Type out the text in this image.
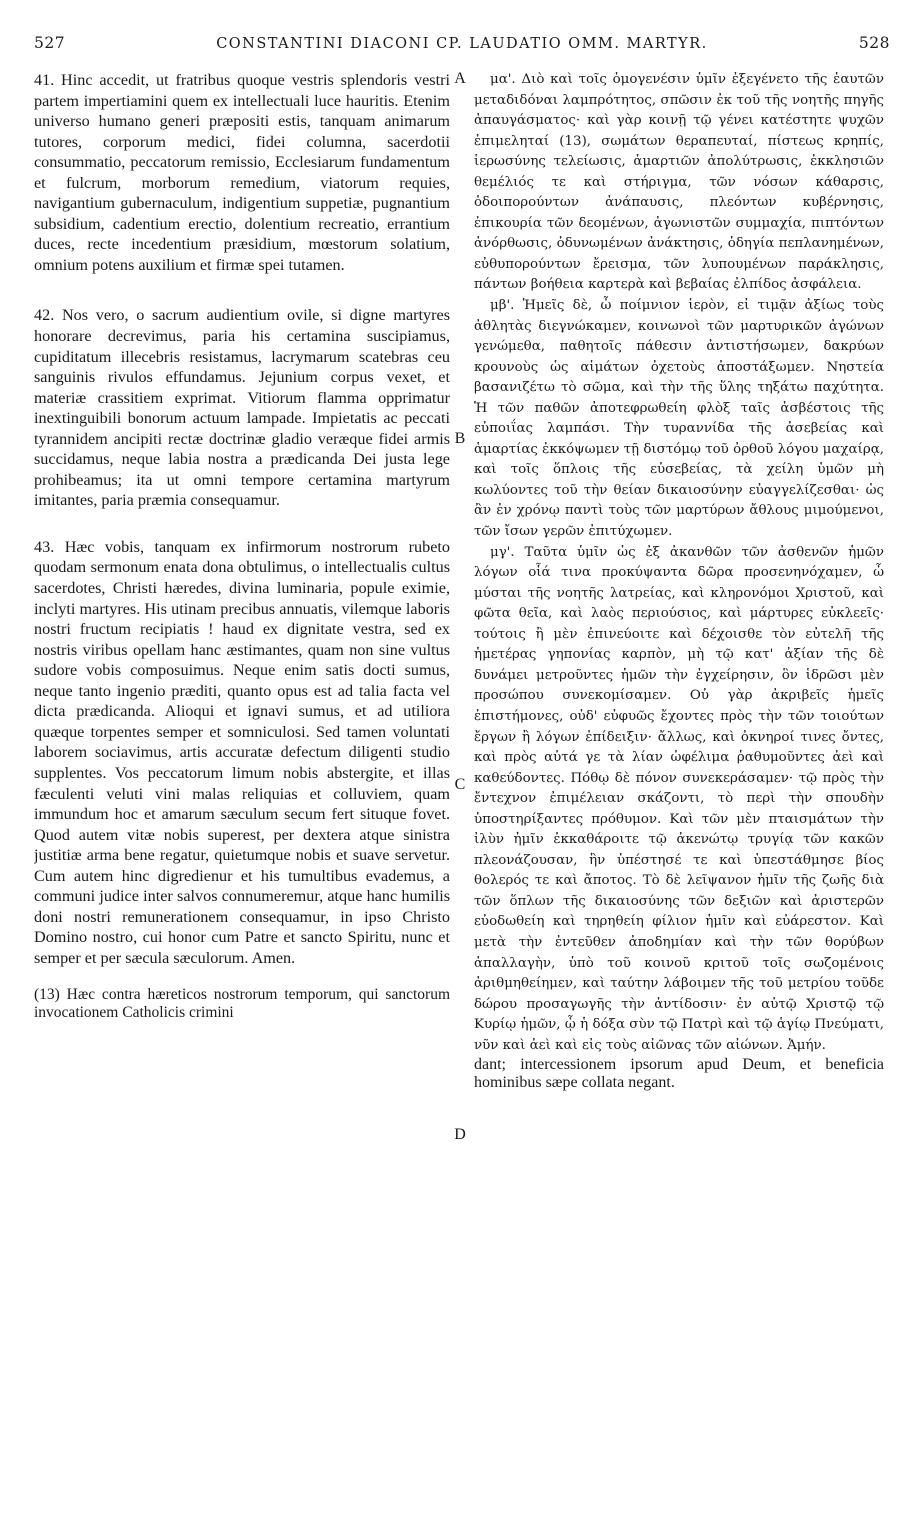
527	CONSTANTINI DIACONI CP. LAUDATIO OMM. MARTYR.	528

41. Hinc accedit, ut fratribus quoque vestris splendoris vestri partem impertiamini quem ex intellectuali luce hauritis. Etenim universo humano generi præpositi estis, tanquam animarum tutores, corporum medici, fidei columna, sacerdotii consummatio, peccatorum remissio, Ecclesiarum fundamentum et fulcrum, morborum remedium, viatorum requies, navigantium gubernaculum, indigentium suppetiæ, pugnantium subsidium, cadentium erectio, dolentium recreatio, errantium duces, recte incedentium præsidium, mœstorum solatium, omnium potens auxilium et firmæ spei tutamen.

42. Nos vero, o sacrum audientium ovile, si digne martyres honorare decrevimus, paria his certamina suscipiamus, cupiditatum illecebris resistamus, lacrymarum scatebras ceu sanguinis rivulos effundamus. Jejunium corpus vexet, et materiæ crassitiem exprimat. Vitiorum flamma opprimatur inextinguibili bonorum actuum lampade. Impietatis ac peccati tyrannidem ancipiti rectæ doctrinæ gladio veræque fidei armis succidamus, neque labia nostra a prædicanda Dei justa lege prohibeamus; ita ut omni tempore certamina martyrum imitantes, paria præmia consequamur.

43. Hæc vobis, tanquam ex infirmorum nostrorum rubeto quodam sermonum enata dona obtulimus, o intellectualis cultus sacerdotes, Christi hæredes, divina luminaria, popule eximie, inclyti martyres. His utinam precibus annuatis, vilemque laboris nostri fructum recipiatis ! haud ex dignitate vestra, sed ex nostris viribus opellam hanc æstimantes, quam non sine vultus sudore vobis composuimus. Neque enim satis docti sumus, neque tanto ingenio præditi, quanto opus est ad talia facta vel dicta prædicanda. Alioqui et ignavi sumus, et ad utiliora quæque torpentes semper et somniculosi. Sed tamen voluntati laborem sociavimus, artis accuratæ defectum diligenti studio supplentes. Vos peccatorum limum nobis abstergite, et illas fæculenti veluti vini malas reliquias et colluviem, quam immundum hoc et amarum sæculum secum fert situque fovet. Quod autem vitæ nobis superest, per dextera atque sinistra justitiæ arma bene regatur, quietumque nobis et suave servetur. Cum autem hinc digredienur et his tumultibus evademus, a communi judice inter salvos connumeremur, atque hanc humilis doni nostri remunerationem consequamur, in ipso Christo Domino nostro, cui honor cum Patre et sancto Spiritu, nunc et semper et per sæcula sæculorum. Amen.

(13) Hæc contra hæreticos nostrorum temporum, qui sanctorum invocationem Catholicis crimini

A
B
C
D

μα'. Διὸ καὶ τοῖς ὁμογενέσιν ὑμῖν ἐξεγένετο τῆς ἑαυτῶν μεταδιδόναι λαμπρότητος, σπῶσιν ἐκ τοῦ τῆς νοητῆς πηγῆς ἀπαυγάσματος· καὶ γὰρ κοινῇ τῷ γένει κατέστητε ψυχῶν ἐπιμεληταί (13), σωμάτων θεραπευταί, πίστεως κρηπίς, ἱερωσύνης τελείωσις, ἁμαρτιῶν ἀπολύτρωσις, ἐκκλησιῶν θεμέλιός τε καὶ στήριγμα, τῶν νόσων κάθαρσις, ὁδοιπορούντων ἀνάπαυσις, πλεόντων κυβέρνησις, ἐπικουρία τῶν δεομένων, ἀγωνιστῶν συμμαχία, πιπτόντων ἀνόρθωσις, ὀδυνωμένων ἀνάκτησις, ὁδηγία πεπλανημένων, εὐθυπορούντων ἔρεισμα, τῶν λυπουμένων παράκλησις, πάντων βοήθεια καρτερὰ καὶ βεβαίας ἐλπίδος ἀσφάλεια.

μβ'. Ἡμεῖς δὲ, ὦ ποίμνιον ἱερὸν, εἰ τιμᾷν ἀξίως τοὺς ἀθλητὰς διεγνώκαμεν, κοινωνοὶ τῶν μαρτυρικῶν ἀγώνων γενώμεθα, παθητοῖς πάθεσιν ἀντιστήσωμεν, δακρύων κρουνοὺς ὡς αἱμάτων ὀχετοὺς ἀποστάξωμεν. Νηστεία βασανιζέτω τὸ σῶμα, καὶ τὴν τῆς ὕλης τηξάτω παχύτητα. Ἡ τῶν παθῶν ἀποτεφρωθείη φλὸξ ταῖς ἀσβέστοις τῆς εὐποιΐας λαμπάσι. Τὴν τυραννίδα τῆς ἀσεβείας καὶ ἁμαρτίας ἐκκόψωμεν τῇ διστόμῳ τοῦ ὀρθοῦ λόγου μαχαίρᾳ, καὶ τοῖς ὅπλοις τῆς εὐσεβείας, τὰ χείλη ὑμῶν μὴ κωλύοντες τοῦ τὴν θείαν δικαιοσύνην εὐαγγελίζεσθαι· ὡς ἂν ἐν χρόνῳ παντὶ τοὺς τῶν μαρτύρων ἄθλους μιμούμενοι, τῶν ἴσων γερῶν ἐπιτύχωμεν.

μγ'. Ταῦτα ὑμῖν ὡς ἐξ ἀκανθῶν τῶν ἀσθενῶν ἡμῶν λόγων οἷά τινα προκύψαντα δῶρα προσενηνόχαμεν, ὦ μύσται τῆς νοητῆς λατρείας, καὶ κληρονόμοι Χριστοῦ, καὶ φῶτα θεῖα, καὶ λαὸς περιούσιος, καὶ μάρτυρες εὐκλεεῖς· τούτοις ἢ μὲν ἐπινεύοιτε καὶ δέχοισθε τὸν εὐτελῆ τῆς ἡμετέρας γηπονίας καρπὸν, μὴ τῷ κατ' ἀξίαν τῆς δὲ δυνάμει μετροῦντες ἡμῶν τὴν ἐγχείρησιν, ὃν ἱδρῶσι μὲν προσώπου συνεκομίσαμεν. Οὐ γὰρ ἀκριβεῖς ἡμεῖς ἐπιστήμονες, οὐδ' εὐφυῶς ἔχοντες πρὸς τὴν τῶν τοιούτων ἔργων ἢ λόγων ἐπίδειξιν· ἄλλως, καὶ ὀκνηροί τινες ὄντες, καὶ πρὸς αὐτά γε τὰ λίαν ὠφέλιμα ῥαθυμοῦντες ἀεὶ καὶ καθεύδοντες. Πόθῳ δὲ πόνον συνεκεράσαμεν· τῷ πρὸς τὴν ἔντεχνον ἐπιμέλειαν σκάζοντι, τὸ περὶ τὴν σπουδὴν ὑποστηρίξαντες πρόθυμον. Καὶ τῶν μὲν πταισμάτων τὴν ἰλὺν ἡμῖν ἐκκαθάροιτε τῷ ἀκενώτῳ τρυγίᾳ τῶν κακῶν πλεονάζουσαν, ἣν ὑπέστησέ τε καὶ ὑπεστάθμησε βίος θολερός τε καὶ ἄποτος. Τὸ δὲ λεῖψανον ἡμῖν τῆς ζωῆς διὰ τῶν ὅπλων τῆς δικαιοσύνης τῶν δεξιῶν καὶ ἀριστερῶν εὐοδωθείη καὶ τηρηθείη φίλιον ἡμῖν καὶ εὐάρεστον. Καὶ μετὰ τὴν ἐντεῦθεν ἀποδημίαν καὶ τὴν τῶν θορύβων ἀπαλλαγὴν, ὑπὸ τοῦ κοινοῦ κριτοῦ τοῖς σωζομένοις ἀριθμηθείημεν, καὶ ταύτην λάβοιμεν τῆς τοῦ μετρίου τοῦδε δώρου προσαγωγῆς τὴν ἀντίδοσιν· ἐν αὐτῷ Χριστῷ τῷ Κυρίῳ ἡμῶν, ᾧ ἡ δόξα σὺν τῷ Πατρὶ καὶ τῷ ἁγίῳ Πνεύματι, νῦν καὶ ἀεὶ καὶ εἰς τοὺς αἰῶνας τῶν αἰώνων. Ἀμήν.

dant; intercessionem ipsorum apud Deum, et beneficia hominibus sæpe collata negant.
